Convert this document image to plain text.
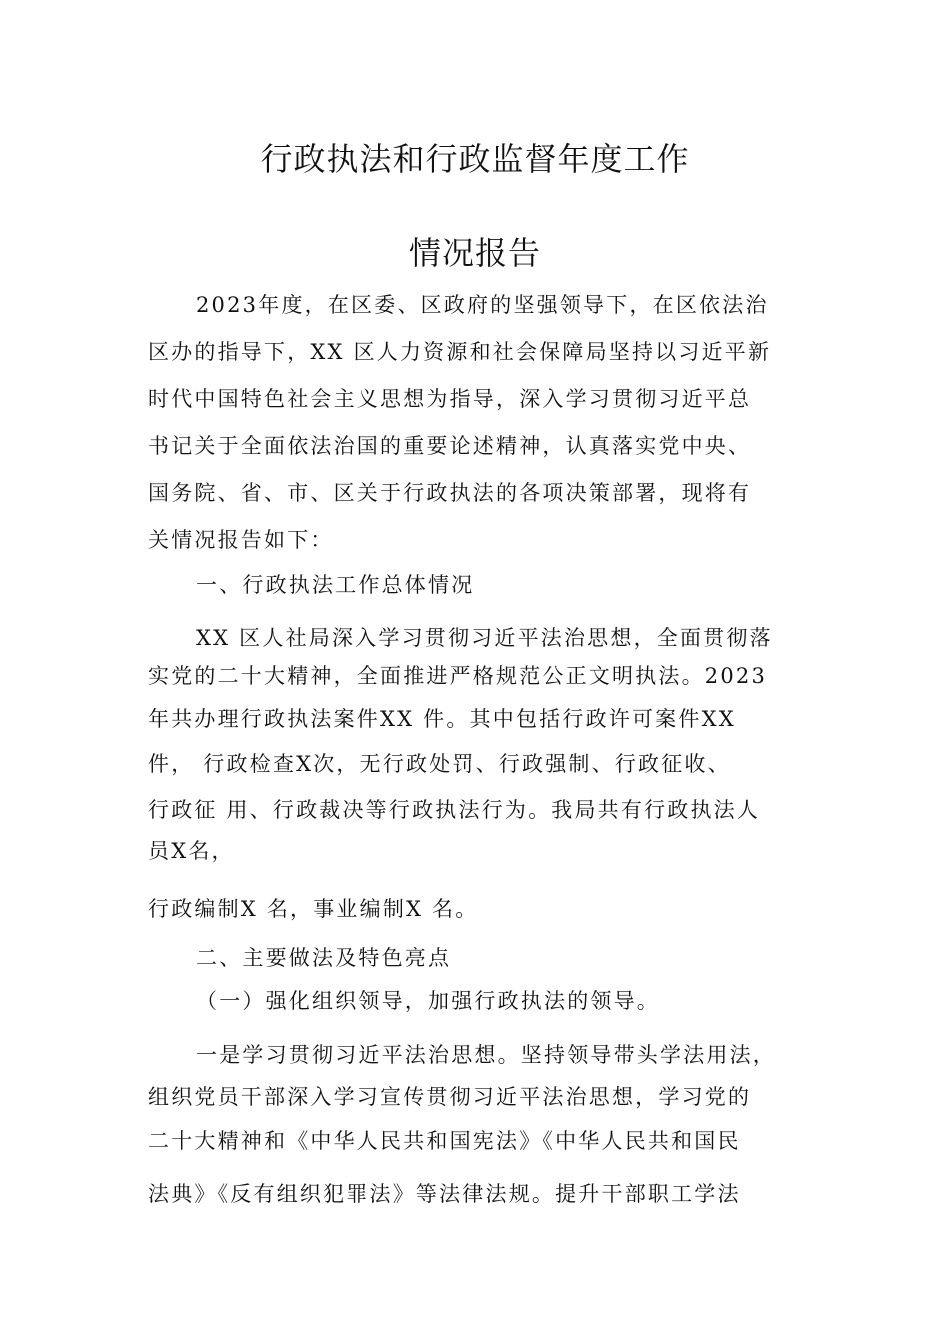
行政执法和行政监督年度工作
情况报告
2023年度，在区委、区政府的坚强领导下，在区依法治
区办的指导下，XX 区人力资源和社会保障局坚持以习近平新
时代中国特色社会主义思想为指导，深入学习贯彻习近平总
书记关于全面依法治国的重要论述精神，认真落实党中央、
国务院、省、市、区关于行政执法的各项决策部署，现将有
关情况报告如下：
一、行政执法工作总体情况
XX 区人社局深入学习贯彻习近平法治思想，全面贯彻落
实党的二十大精神，全面推进严格规范公正文明执法。2023
年共办理行政执法案件XX 件。其中包括行政许可案件XX
件， 行政检查X次，无行政处罚、行政强制、行政征收、
行政征 用、行政裁决等行政执法行为。我局共有行政执法人
员X名，
行政编制X 名，事业编制X 名。
二、主要做法及特色亮点
（一）强化组织领导，加强行政执法的领导。
一是学习贯彻习近平法治思想。坚持领导带头学法用法，
组织党员干部深入学习宣传贯彻习近平法治思想，学习党的
二十大精神和《中华人民共和国宪法》《中华人民共和国民
法典》《反有组织犯罪法》等法律法规。提升干部职工学法
